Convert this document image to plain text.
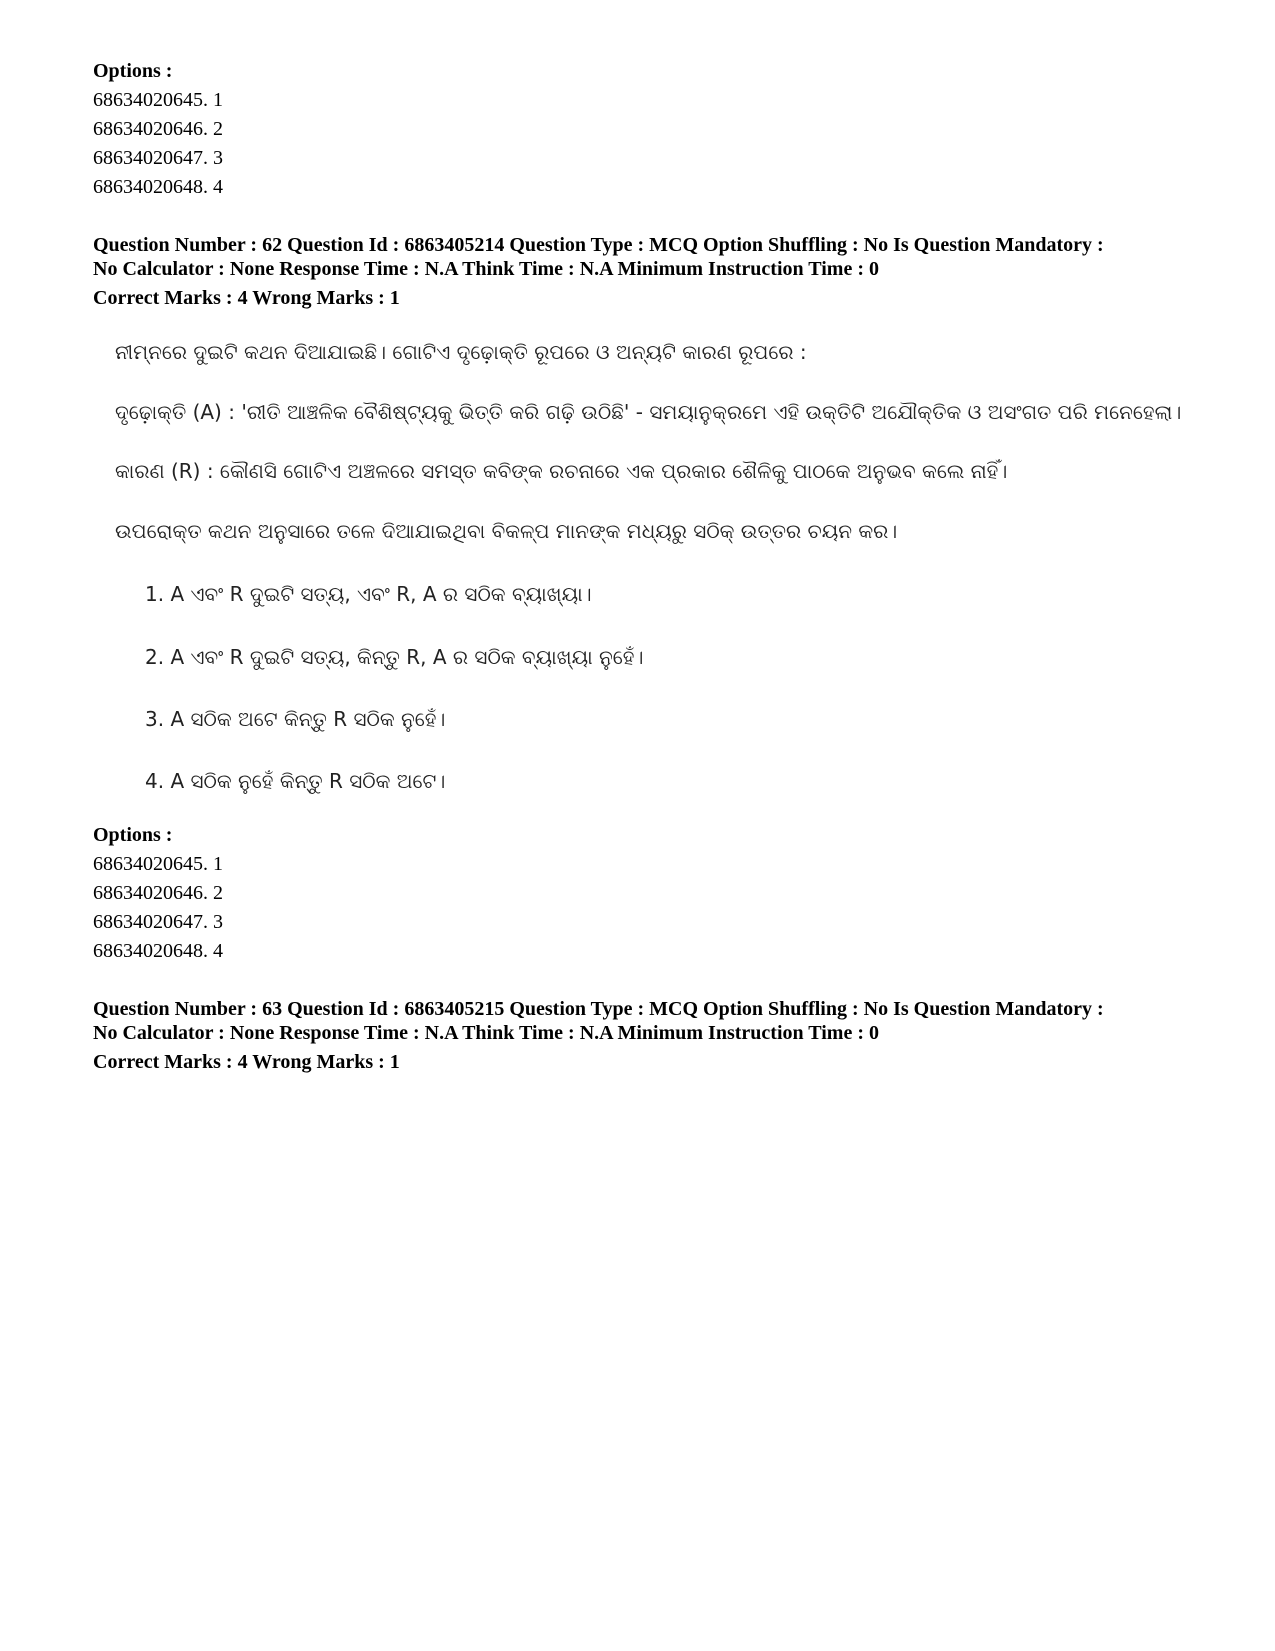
Options :
68634020645. 1
68634020646. 2
68634020647. 3
68634020648. 4
Question Number : 62 Question Id : 6863405214 Question Type : MCQ Option Shuffling : No Is Question Mandatory :
No Calculator : None Response Time : N.A Think Time : N.A Minimum Instruction Time : 0
Correct Marks : 4 Wrong Marks : 1
ନୀମ୍ନରେ ଦୁଇଟି କଥନ ଦିଆଯାଇଛି। ଗୋଟିଏ ଦୃଢ଼ୋକ୍ତି ରୂପରେ ଓ ଅନ୍ୟଟି କାରଣ ରୂପରେ :
ଦୃଢ଼ୋକ୍ତି (A) : 'ରୀତି ଆଞ୍ଚଳିକ ବୈଶିଷ୍ଟ୍ୟକୁ ଭିତ୍ତି କରି ଗଢ଼ି ଉଠିଛି' - ସମୟାନୁକ୍ରମେ ଏହି ଉକ୍ତିଟି ଅଯୌକ୍ତିକ ଓ ଅସଂଗତ ପରି ମନେହେଲା।
କାରଣ (R) : କୌଣସି ଗୋଟିଏ ଅଞ୍ଚଳରେ ସମସ୍ତ କବିଙ୍କ ରଚନାରେ ଏକ ପ୍ରକାର ଶୈଳିକୁ ପାଠକେ ଅନୁଭବ କଲେ ନାହିଁ।
ଉପରୋକ୍ତ କଥନ ଅନୁସାରେ ତଳେ ଦିଆଯାଇଥିବା ବିକଳ୍ପ ମାନଙ୍କ ମଧ୍ୟରୁ ସଠିକ୍ ଉତ୍ତର ଚୟନ କର।
1. A ଏବଂ R ଦୁଇଟି ସତ୍ୟ, ଏବଂ R, A ର ସଠିକ ବ୍ୟାଖ୍ୟା।
2. A ଏବଂ R ଦୁଇଟି ସତ୍ୟ, କିନ୍ତୁ R, A ର ସଠିକ ବ୍ୟାଖ୍ୟା ନୁହେଁ।
3. A ସଠିକ ଅଟେ କିନ୍ତୁ R ସଠିକ ନୁହେଁ।
4. A ସଠିକ ନୁହେଁ କିନ୍ତୁ R ସଠିକ ଅଟେ।
Options :
68634020645. 1
68634020646. 2
68634020647. 3
68634020648. 4
Question Number : 63 Question Id : 6863405215 Question Type : MCQ Option Shuffling : No Is Question Mandatory :
No Calculator : None Response Time : N.A Think Time : N.A Minimum Instruction Time : 0
Correct Marks : 4 Wrong Marks : 1
